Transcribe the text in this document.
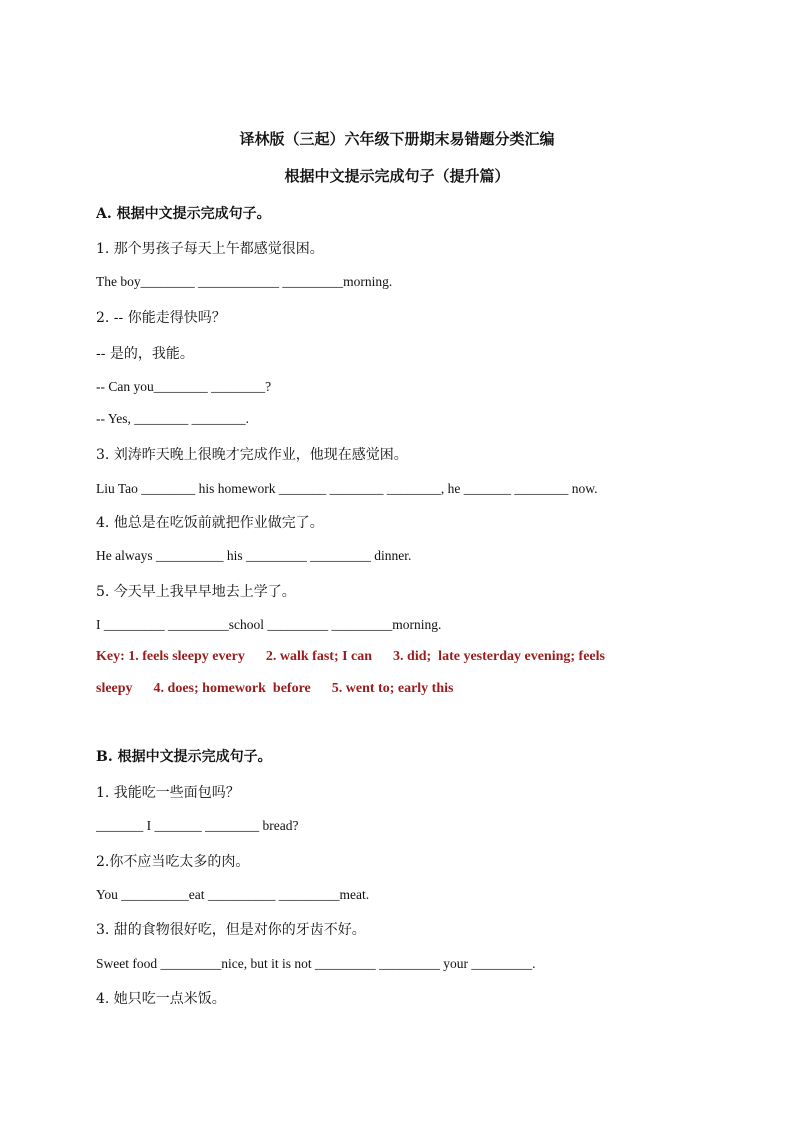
译林版（三起）六年级下册期末易错题分类汇编
根据中文提示完成句子（提升篇）
A. 根据中文提示完成句子。
1. 那个男孩子每天上午都感觉很困。
The boy________ ____________ _________morning.
2. -- 你能走得快吗？
-- 是的，我能。
-- Can you________ ________?
-- Yes, ________ ________.
3. 刘涛昨天晚上很晚才完成作业，他现在感觉困。
Liu Tao ________ his homework _______ ________ ________, he _______ ________ now.
4. 他总是在吃饭前就把作业做完了。
He always __________ his _________ _________ dinner.
5. 今天早上我早早地去上学了。
I _________ _________school _________ _________morning.
Key: 1. feels sleepy every      2. walk fast; I can      3. did;  late yesterday evening; feels
sleepy      4. does; homework  before      5. went to; early this
B. 根据中文提示完成句子。
1. 我能吃一些面包吗？
_______ I _______ ________ bread?
2.你不应当吃太多的肉。
You __________eat __________ _________meat.
3. 甜的食物很好吃，但是对你的牙齿不好。
Sweet food _________nice, but it is not _________ _________ your _________.
4. 她只吃一点米饭。
